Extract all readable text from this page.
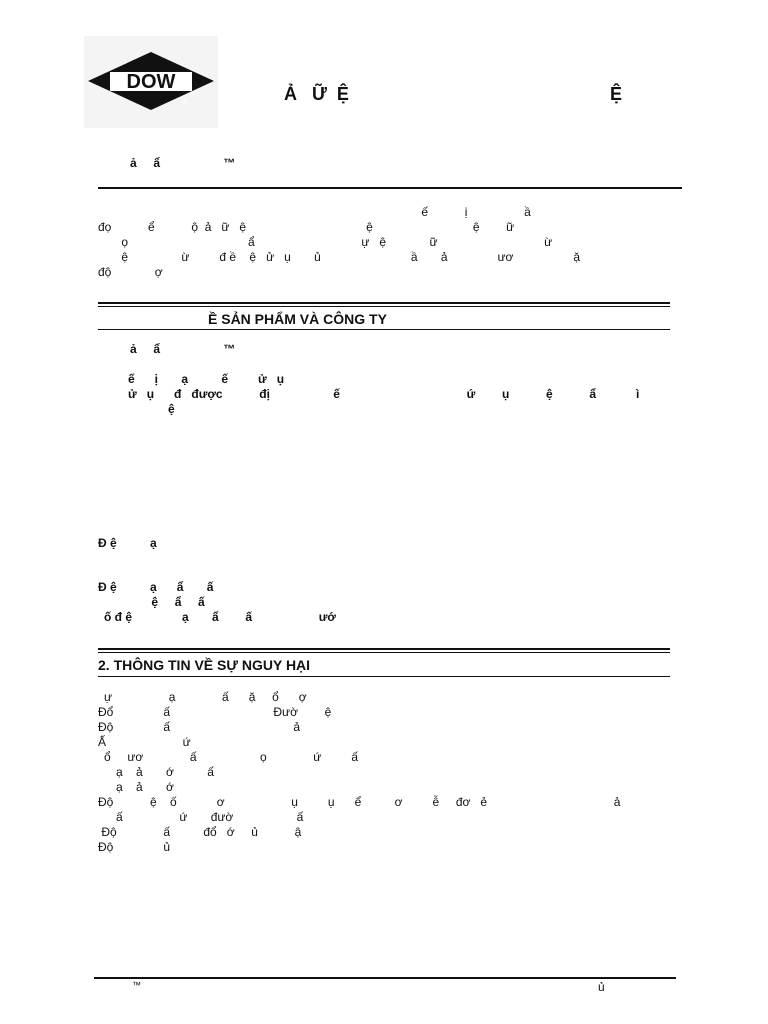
DOW
®	Ả   Ữ  Ệ	Ệ
ả     ẩ                   ™
ế           ị                 ầ
đọ           ể           ộ  ả   ữ   ệ                                    ệ                              ệ        ữ
ọ                                    ẩ                                ự   ệ             ữ                                ừ
ệ                ừ         đ ề    ệ   ử   ụ       ủ                           ầ       ả               ươ                  ặ
độ             ợ
Ề SẢN PHẨM VÀ CÔNG TY
ả     ẩ                   ™
ế      ị       ạ          ế         ử   ụ
ử   ụ      đ   được           đị                   ế                                      ứ        ụ           ệ           ẩ            ì
ệ
Đ ệ          ạ
Đ ệ          ạ      ẩ       ấ
ệ     ẩ     ấ
ố đ ệ               ạ       ẩ        ấ                    ướ
2. THÔNG TIN VỀ SỰ NGUY HẠI
ự                 ạ              ấ      ặ     ổ      ợ
Đổ               ấ                               Đườ        ệ
Độ               ấ                                     ả
Ấ                       ứ
ổ     ươ              ấ                   ọ              ứ         ấ
ạ    ả       ớ          ấ
ạ    ả       ớ
Độ           ệ    ố            ơ                    ụ         ụ      ể          ơ         ễ     đơ   ẻ                                      ả
ấ                 ứ       đườ                   ấ
Độ              ấ          đổ   ớ     ủ           ậ
Độ               ủ
™	ủ
